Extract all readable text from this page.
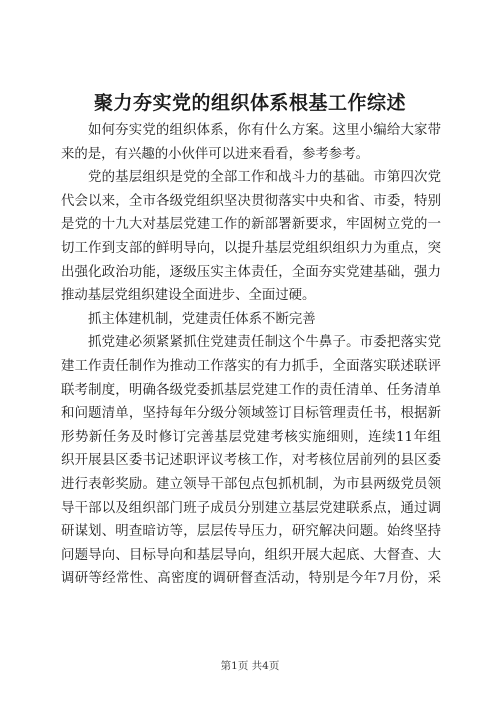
聚力夯实党的组织体系根基工作综述
如何夯实党的组织体系，你有什么方案。这里小编给大家带
来的是，有兴趣的小伙伴可以进来看看，参考参考。
党的基层组织是党的全部工作和战斗力的基础。市第四次党
代会以来，全市各级党组织坚决贯彻落实中央和省、市委，特别
是党的十九大对基层党建工作的新部署新要求，牢固树立党的一
切工作到支部的鲜明导向，以提升基层党组织组织力为重点，突
出强化政治功能，逐级压实主体责任，全面夯实党建基础，强力
推动基层党组织建设全面进步、全面过硬。
抓主体建机制，党建责任体系不断完善
抓党建必须紧紧抓住党建责任制这个牛鼻子。市委把落实党
建工作责任制作为推动工作落实的有力抓手，全面落实联述联评
联考制度，明确各级党委抓基层党建工作的责任清单、任务清单
和问题清单，坚持每年分级分领域签订目标管理责任书，根据新
形势新任务及时修订完善基层党建考核实施细则，连续11年组
织开展县区委书记述职评议考核工作，对考核位居前列的县区委
进行表彰奖励。建立领导干部包点包抓机制，为市县两级党员领
导干部以及组织部门班子成员分别建立基层党建联系点，通过调
研谋划、明查暗访等，层层传导压力，研究解决问题。始终坚持
问题导向、目标导向和基层导向，组织开展大起底、大督查、大
调研等经常性、高密度的调研督查活动，特别是今年7月份，采
第1页 共4页
